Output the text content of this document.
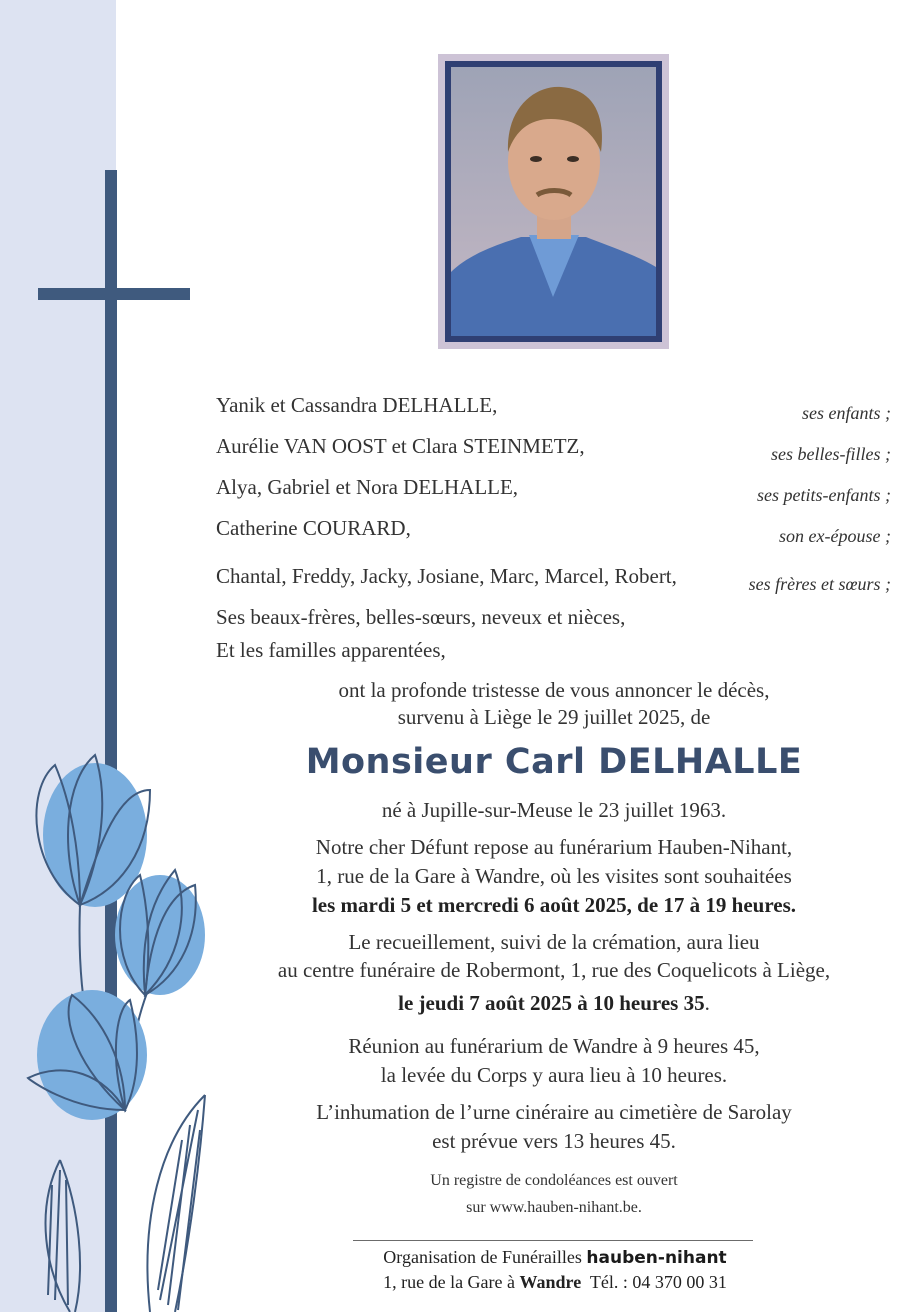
Yanik et Cassandra DELHALLE,
Aurélie VAN OOST et Clara STEINMETZ,
Alya, Gabriel et Nora DELHALLE,
Catherine COURARD,
Chantal, Freddy, Jacky, Josiane, Marc, Marcel, Robert,
Ses beaux-frères, belles-sœurs, neveux et nièces,
Et les familles apparentées,
ses enfants ;
ses belles-filles ;
ses petits-enfants ;
son ex-épouse ;
ses frères et sœurs ;
ont la profonde tristesse de vous annoncer le décès,
survenu à Liège le 29 juillet 2025, de
Monsieur Carl DELHALLE
né à Jupille-sur-Meuse le 23 juillet 1963.
Notre cher Défunt repose au funérarium Hauben-Nihant,
1, rue de la Gare à Wandre, où les visites sont souhaitées
les mardi 5 et mercredi 6 août 2025, de 17 à 19 heures.
Le recueillement, suivi de la crémation, aura lieu
au centre funéraire de Robermont, 1, rue des Coquelicots à Liège,
le jeudi 7 août 2025 à 10 heures 35.
Réunion au funérarium de Wandre à 9 heures 45,
la levée du Corps y aura lieu à 10 heures.
L’inhumation de l’urne cinéraire au cimetière de Sarolay
est prévue vers 13 heures 45.
Un registre de condoléances est ouvert
sur www.hauben-nihant.be.
Organisation de Funérailles hauben-nihant
1, rue de la Gare à Wandre Tél. : 04 370 00 31
